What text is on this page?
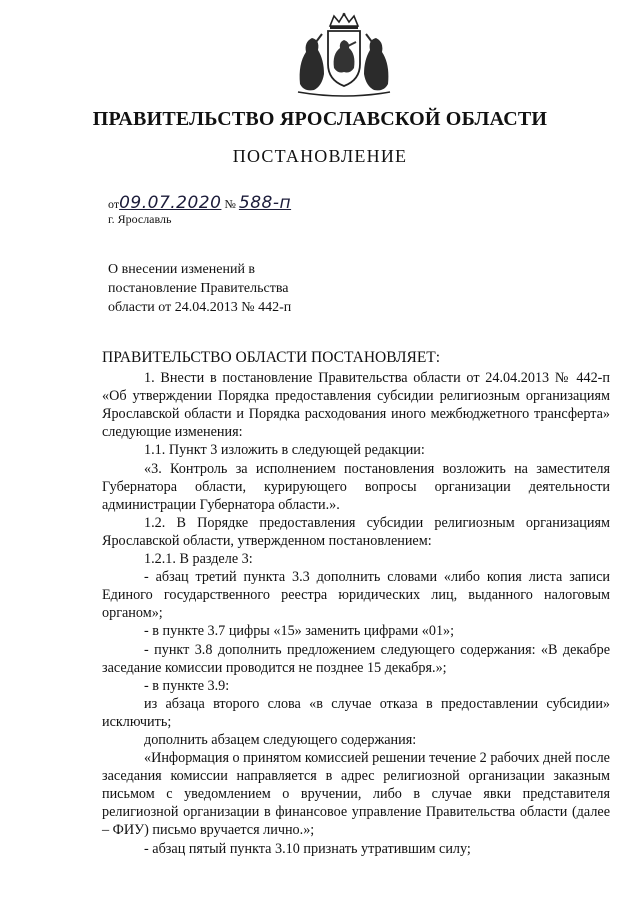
ПРАВИТЕЛЬСТВО ЯРОСЛАВСКОЙ ОБЛАСТИ
ПОСТАНОВЛЕНИЕ
от09.07.2020 № 588-п
г. Ярославль
О внесении изменений в постановление Правительства области от 24.04.2013 № 442-п

ПРАВИТЕЛЬСТВО ОБЛАСТИ ПОСТАНОВЛЯЕТ:

1. Внести в постановление Правительства области от 24.04.2013 № 442-п «Об утверждении Порядка предоставления субсидии религиозным организациям Ярославской области и Порядка расходования иного межбюджетного трансферта» следующие изменения:

1.1. Пункт 3 изложить в следующей редакции:

«3. Контроль за исполнением постановления возложить на заместителя Губернатора области, курирующего вопросы организации деятельности администрации Губернатора области.».

1.2. В Порядке предоставления субсидии религиозным организациям Ярославской области, утвержденном постановлением:

1.2.1. В разделе 3:

- абзац третий пункта 3.3 дополнить словами «либо копия листа записи Единого государственного реестра юридических лиц, выданного налоговым органом»;

- в пункте 3.7 цифры «15» заменить цифрами «01»;

- пункт 3.8 дополнить предложением следующего содержания: «В декабре заседание комиссии проводится не позднее 15 декабря.»;

- в пункте 3.9:

из абзаца второго слова «в случае отказа в предоставлении субсидии» исключить;

дополнить абзацем следующего содержания:

«Информация о принятом комиссией решении течение 2 рабочих дней после заседания комиссии направляется в адрес религиозной организации заказным письмом с уведомлением о вручении, либо в случае явки представителя религиозной организации в финансовое управление Правительства области (далее – ФИУ) письмо вручается лично.»;

- абзац пятый пункта 3.10 признать утратившим силу;
